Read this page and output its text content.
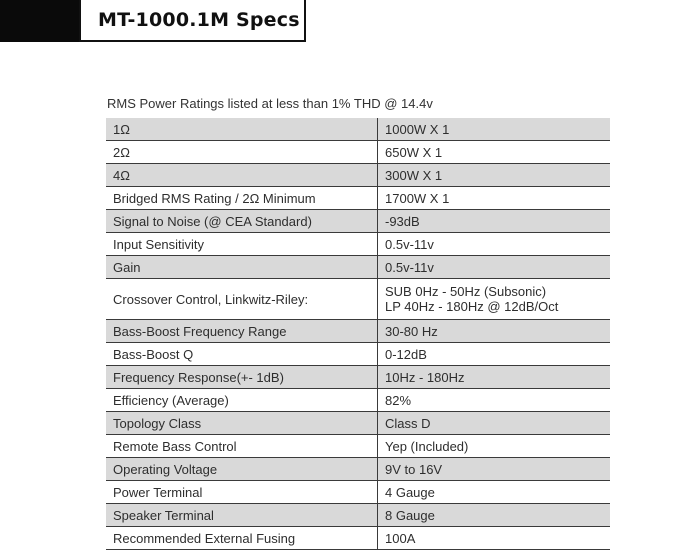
MT-1000.1M Specs
RMS Power Ratings listed at less than 1% THD @ 14.4v
1Ω	1000W X 1
2Ω	650W X 1
4Ω	300W X 1
Bridged RMS Rating / 2Ω Minimum	1700W X 1
Signal to Noise (@ CEA Standard)	-93dB
Input Sensitivity	0.5v-11v
Gain	0.5v-11v
Crossover Control, Linkwitz-Riley:	SUB 0Hz - 50Hz (Subsonic)
LP 40Hz - 180Hz @ 12dB/Oct

Bass-Boost Frequency Range	30-80 Hz
Bass-Boost Q	0-12dB
Frequency Response(+- 1dB)	10Hz - 180Hz
Efficiency (Average)	82%
Topology Class	Class D
Remote Bass Control	Yep (Included)
Operating Voltage	9V to 16V
Power Terminal	4 Gauge
Speaker Terminal	8 Gauge
Recommended External Fusing	100A
